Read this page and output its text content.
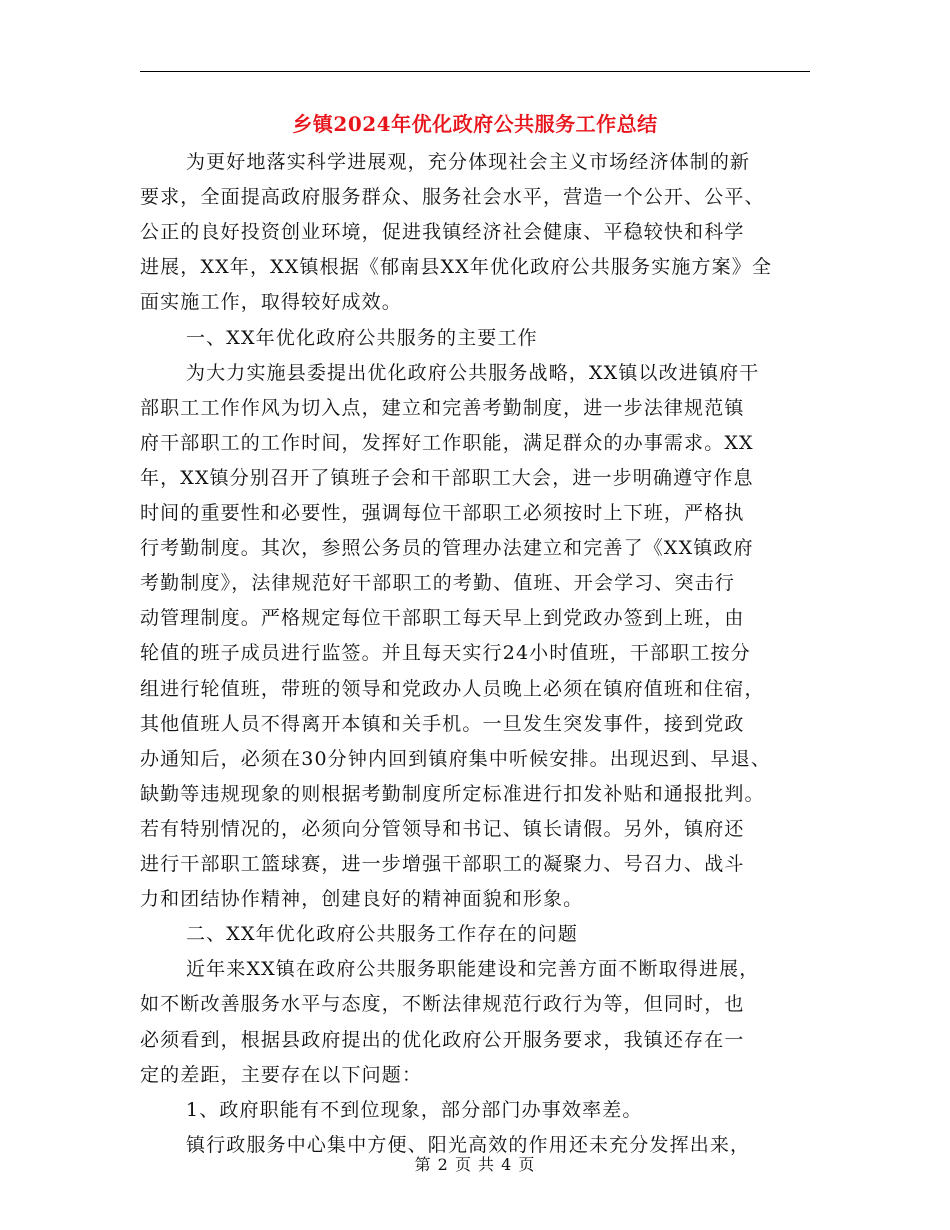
乡镇2024年优化政府公共服务工作总结
为更好地落实科学进展观，充分体现社会主义市场经济体制的新
要求，全面提高政府服务群众、服务社会水平，营造一个公开、公平、
公正的良好投资创业环境，促进我镇经济社会健康、平稳较快和科学
进展，XX年，XX镇根据《郁南县XX年优化政府公共服务实施方案》全
面实施工作，取得较好成效。
一、XX年优化政府公共服务的主要工作
为大力实施县委提出优化政府公共服务战略，XX镇以改进镇府干
部职工工作作风为切入点，建立和完善考勤制度，进一步法律规范镇
府干部职工的工作时间，发挥好工作职能，满足群众的办事需求。XX
年，XX镇分别召开了镇班子会和干部职工大会，进一步明确遵守作息
时间的重要性和必要性，强调每位干部职工必须按时上下班，严格执
行考勤制度。其次，参照公务员的管理办法建立和完善了《XX镇政府
考勤制度》，法律规范好干部职工的考勤、值班、开会学习、突击行
动管理制度。严格规定每位干部职工每天早上到党政办签到上班，由
轮值的班子成员进行监签。并且每天实行24小时值班，干部职工按分
组进行轮值班，带班的领导和党政办人员晚上必须在镇府值班和住宿，
其他值班人员不得离开本镇和关手机。一旦发生突发事件，接到党政
办通知后，必须在30分钟内回到镇府集中听候安排。出现迟到、早退、
缺勤等违规现象的则根据考勤制度所定标准进行扣发补贴和通报批判。
若有特别情况的，必须向分管领导和书记、镇长请假。另外，镇府还
进行干部职工篮球赛，进一步增强干部职工的凝聚力、号召力、战斗
力和团结协作精神，创建良好的精神面貌和形象。
二、XX年优化政府公共服务工作存在的问题
近年来XX镇在政府公共服务职能建设和完善方面不断取得进展，
如不断改善服务水平与态度，不断法律规范行政行为等，但同时，也
必须看到，根据县政府提出的优化政府公开服务要求，我镇还存在一
定的差距，主要存在以下问题：
1、政府职能有不到位现象，部分部门办事效率差。
镇行政服务中心集中方便、阳光高效的作用还未充分发挥出来，
第 2 页 共 4 页
